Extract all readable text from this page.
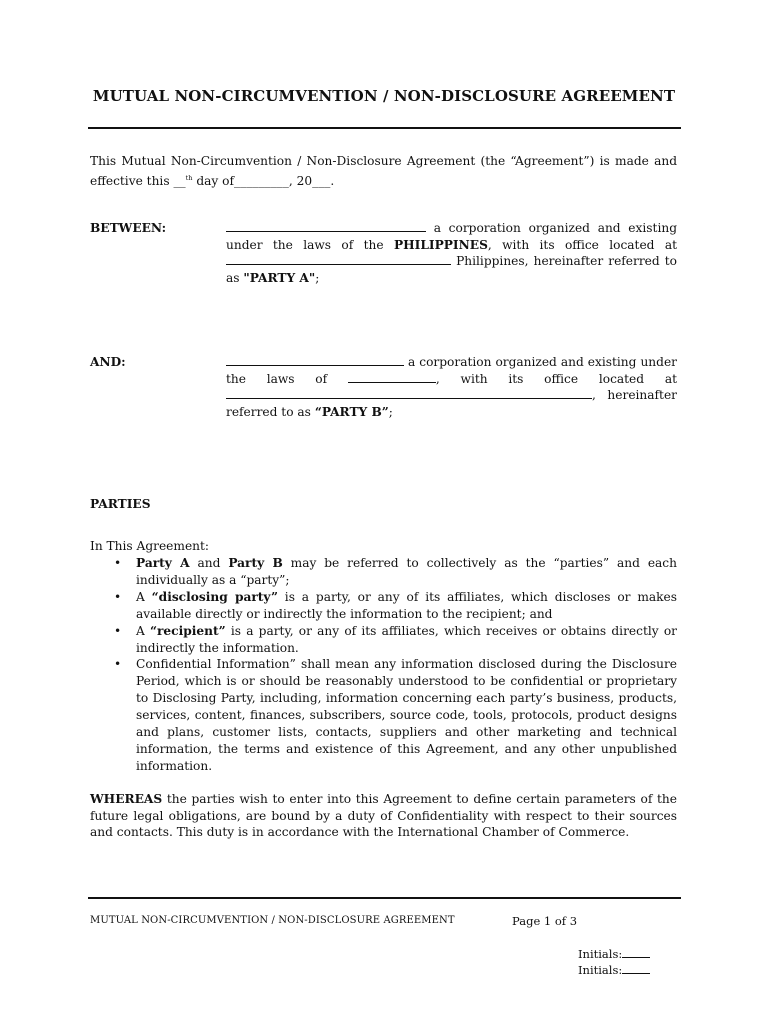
MUTUAL NON-CIRCUMVENTION / NON-DISCLOSURE AGREEMENT
This Mutual Non-Circumvention / Non-Disclosure Agreement (the “Agreement”) is made and effective this __$^{th}$ day of_________, 20___.
BETWEEN:	a corporation organized and existing under the laws of the PHILIPPINES, with its office located at  Philippines, hereinafter referred to as "PARTY A";
AND:	a corporation organized and existing under the laws of	, with its office located at , hereinafter referred to as “PARTY B”;
PARTIES
In This Agreement:
• Party A and Party B may be referred to collectively as the “parties” and each individually as a “party”;
• A “disclosing party” is a party, or any of its affiliates, which discloses or makes available directly or indirectly the information to the recipient; and
• A “recipient” is a party, or any of its affiliates, which receives or obtains directly or indirectly the information.
• Confidential Information” shall mean any information disclosed during the Disclosure Period, which is or should be reasonably understood to be confidential or proprietary to Disclosing Party, including, information concerning each party’s business, products, services, content, finances, subscribers, source code, tools, protocols, product designs and plans, customer lists, contacts, suppliers and other marketing and technical information, the terms and existence of this Agreement, and any other unpublished information.
WHEREAS the parties wish to enter into this Agreement to define certain parameters of the future legal obligations, are bound by a duty of Confidentiality with respect to their sources and contacts. This duty is in accordance with the International Chamber of Commerce.
MUTUAL NON-CIRCUMVENTION / NON-DISCLOSURE AGREEMENT	Page 1 of 3
Initials:
Initials:
